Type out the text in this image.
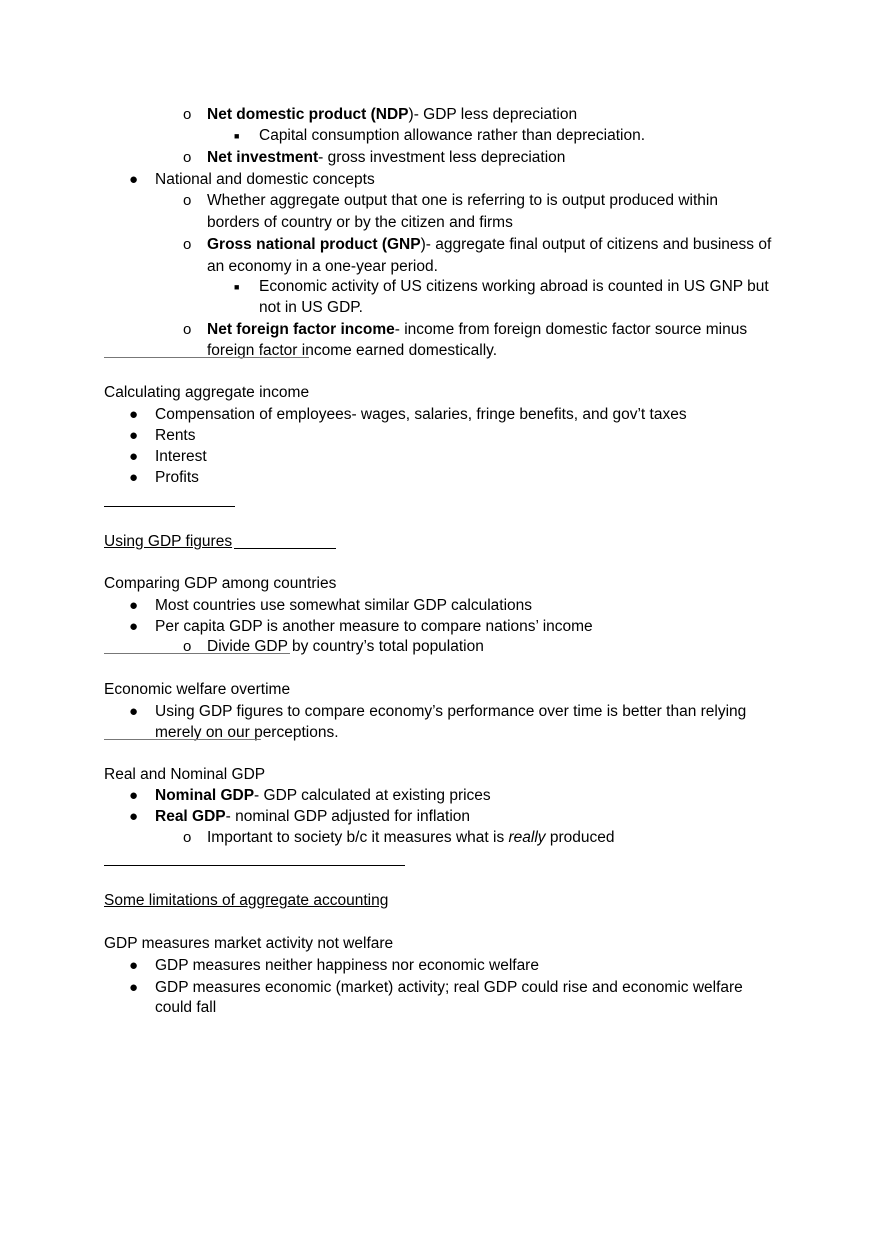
o Net domestic product (NDP)- GDP less depreciation
■ Capital consumption allowance rather than depreciation.
o Net investment- gross investment less depreciation
● National and domestic concepts
o Whether aggregate output that one is referring to is output produced within
borders of country or by the citizen and firms
o Gross national product (GNP)- aggregate final output of citizens and business of
an economy in a one-year period.
■ Economic activity of US citizens working abroad is counted in US GNP but
not in US GDP.
o Net foreign factor income- income from foreign domestic factor source minus
foreign factor income earned domestically.
Calculating aggregate income
● Compensation of employees- wages, salaries, fringe benefits, and gov’t taxes
● Rents
● Interest
● Profits
Using GDP figures
Comparing GDP among countries
● Most countries use somewhat similar GDP calculations
● Per capita GDP is another measure to compare nations’ income
o Divide GDP by country’s total population
Economic welfare overtime
● Using GDP figures to compare economy’s performance over time is better than relying
merely on our perceptions.
Real and Nominal GDP
● Nominal GDP- GDP calculated at existing prices
● Real GDP- nominal GDP adjusted for inflation
o Important to society b/c it measures what is really produced
Some limitations of aggregate accounting
GDP measures market activity not welfare
● GDP measures neither happiness nor economic welfare
● GDP measures economic (market) activity; real GDP could rise and economic welfare
could fall
